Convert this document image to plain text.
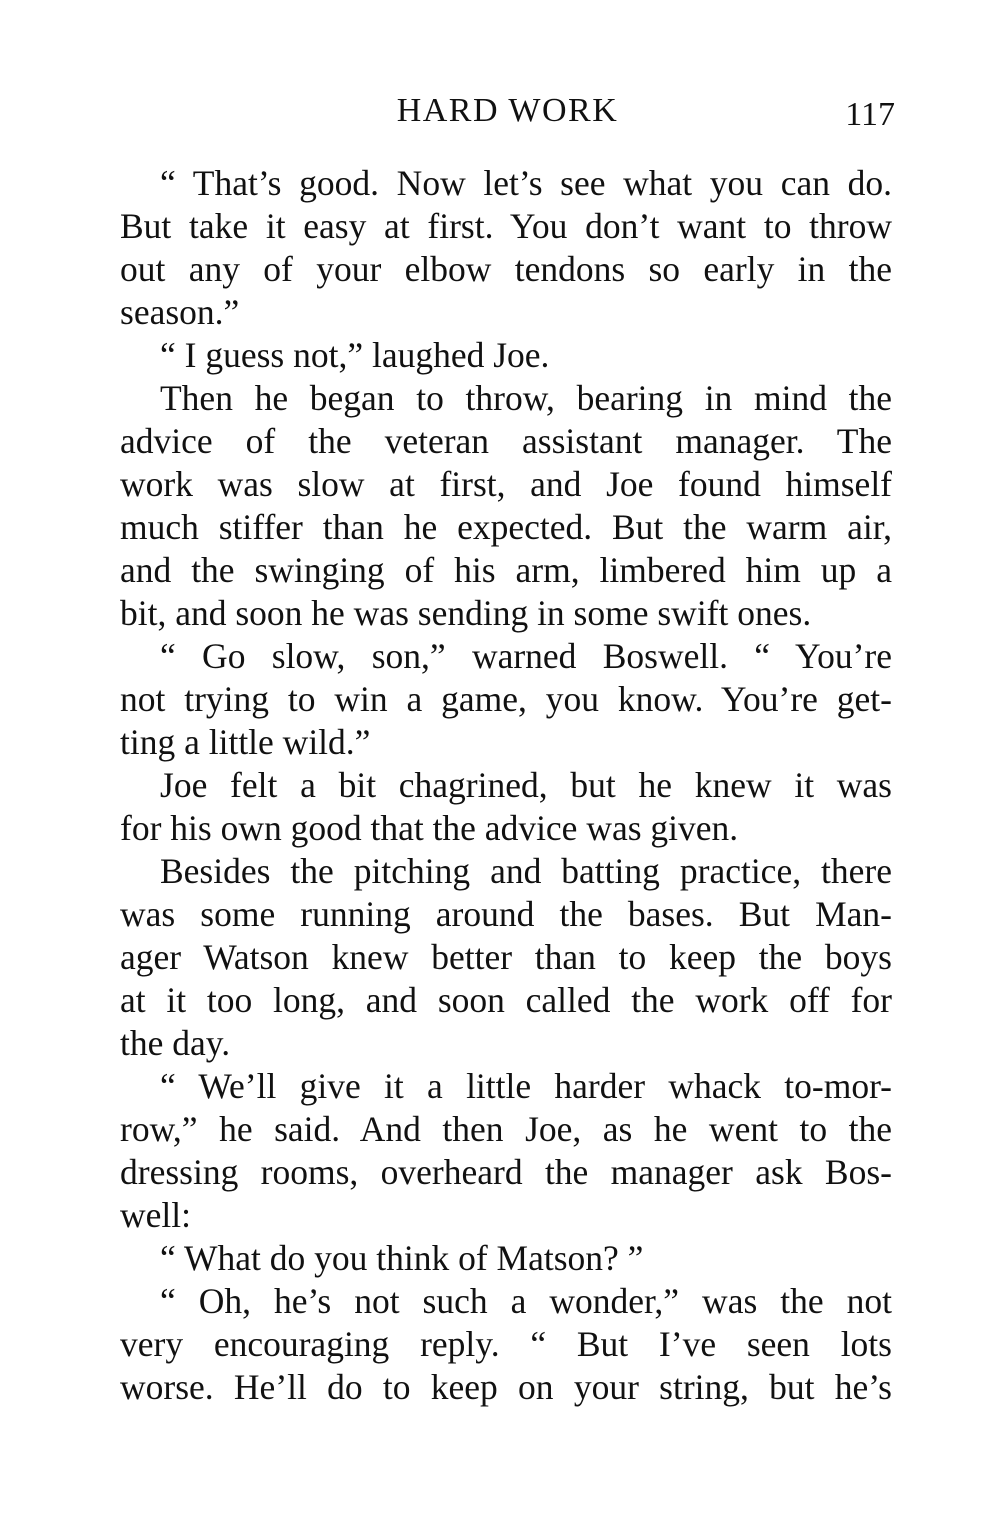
HARD WORK	117
“ That’s good. Now let’s see what you can do.
But take it easy at first. You don’t want to throw
out any of your elbow tendons so early in the
season.”
“ I guess not,” laughed Joe.
Then he began to throw, bearing in mind the
advice of the veteran assistant manager. The
work was slow at first, and Joe found himself
much stiffer than he expected. But the warm air,
and the swinging of his arm, limbered him up a
bit, and soon he was sending in some swift ones.
“ Go slow, son,” warned Boswell. “ You’re
not trying to win a game, you know. You’re get-
ting a little wild.”
Joe felt a bit chagrined, but he knew it was
for his own good that the advice was given.
Besides the pitching and batting practice, there
was some running around the bases. But Man-
ager Watson knew better than to keep the boys
at it too long, and soon called the work off for
the day.
“ We’ll give it a little harder whack to-mor-
row,” he said. And then Joe, as he went to the
dressing rooms, overheard the manager ask Bos-
well:
“ What do you think of Matson? ”
“ Oh, he’s not such a wonder,” was the not
very encouraging reply. “ But I’ve seen lots
worse. He’ll do to keep on your string, but he’s
